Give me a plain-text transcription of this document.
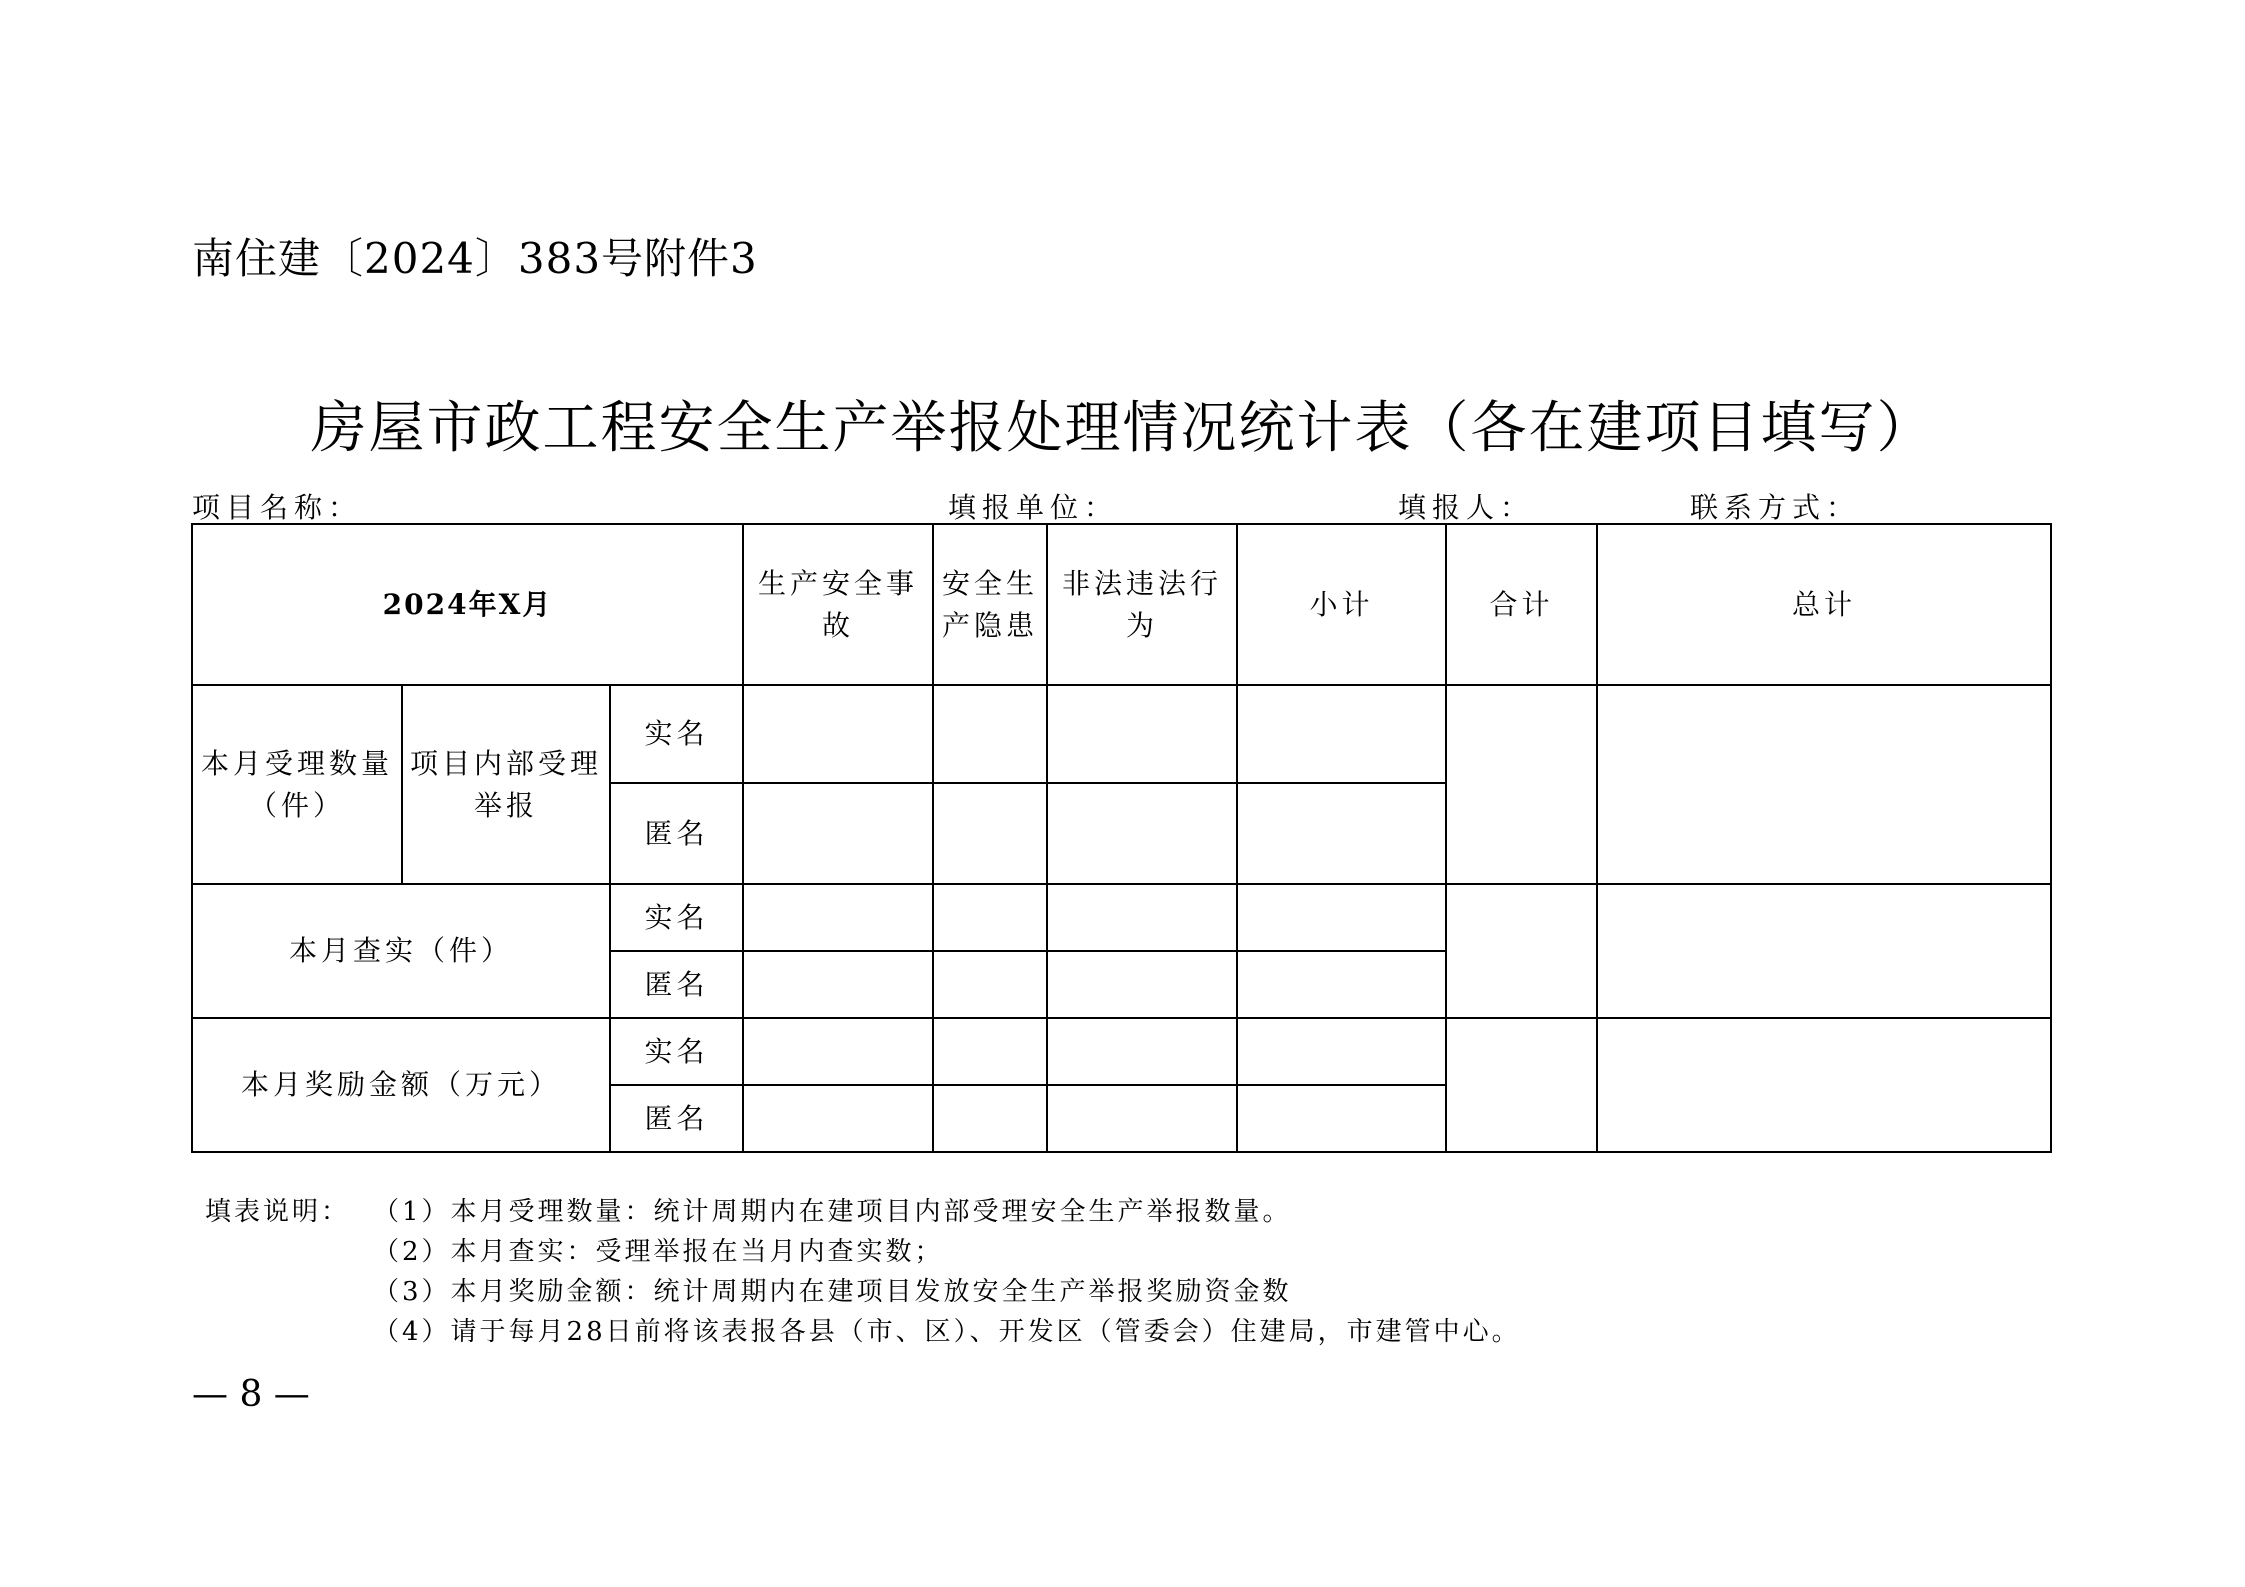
南住建〔2024〕383号附件3
房屋市政工程安全生产举报处理情况统计表（各在建项目填写）
项目名称：	填报单位：	填报人：	联系方式：
2024年X月			生产安全事故	安全生产隐患	非法违法行为	小计	合计	总计
本月受理数量（件）	项目内部受理举报	实名						
		匿名						
本月查实（件）		实名						
		匿名						
本月奖励金额（万元）		实名						
		匿名						
填表说明： （1）本月受理数量：统计周期内在建项目内部受理安全生产举报数量。
（2）本月查实：受理举报在当月内查实数；
（3）本月奖励金额：统计周期内在建项目发放安全生产举报奖励资金数
（4）请于每月28日前将该表报各县（市、区）、开发区（管委会）住建局，市建管中心。
— 8 —
